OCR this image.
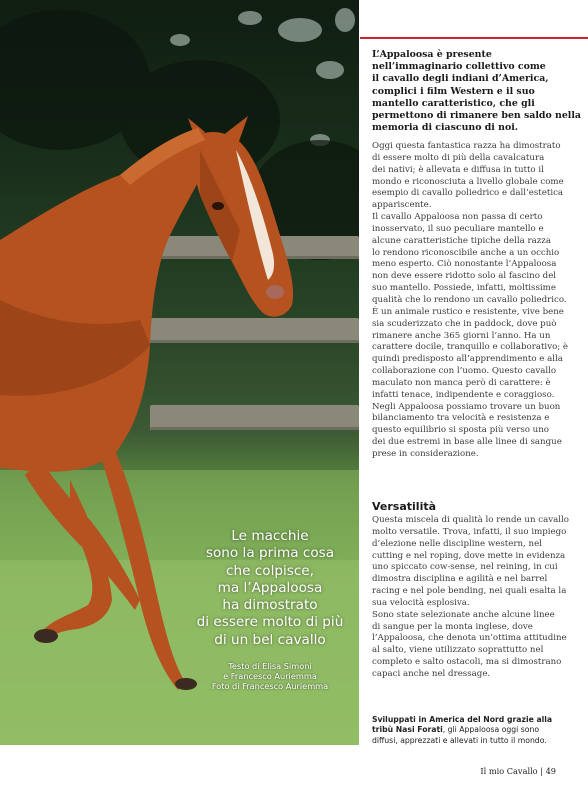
Le macchie
sono la prima cosa
che colpisce,
ma l’Appaloosa
ha dimostrato
di essere molto di più
di un bel cavallo
Testo di Elisa Simoni
e Francesco Auriemma
Foto di Francesco Auriemma
L’Appaloosa è presente
nell’immaginario collettivo come
il cavallo degli indiani d’America,
complici i film Western e il suo
mantello caratteristico, che gli
permettono di rimanere ben saldo nella
memoria di ciascuno di noi.
Oggi questa fantastica razza ha dimostrato
di essere molto di più della cavalcatura
dei nativi; è allevata e diffusa in tutto il
mondo e riconosciuta a livello globale come
esempio di cavallo poliedrico e dall’estetica
appariscente.
Il cavallo Appaloosa non passa di certo
inosservato, il suo peculiare mantello e
alcune caratteristiche tipiche della razza
lo rendono riconoscibile anche a un occhio
meno esperto. Ciò nonostante l’Appaloosa
non deve essere ridotto solo al fascino del
suo mantello. Possiede, infatti, moltissime
qualità che lo rendono un cavallo poliedrico.
È un animale rustico e resistente, vive bene
sia scuderizzato che in paddock, dove può
rimanere anche 365 giorni l’anno. Ha un
carattere docile, tranquillo e collaborativo; è
quindi predisposto all’apprendimento e alla
collaborazione con l’uomo. Questo cavallo
maculato non manca però di carattere: è
infatti tenace, indipendente e coraggioso.
Negli Appaloosa possiamo trovare un buon
bilanciamento tra velocità e resistenza e
questo equilibrio si sposta più verso uno
dei due estremi in base alle linee di sangue
prese in considerazione.
Versatilità
Questa miscela di qualità lo rende un cavallo
molto versatile. Trova, infatti, il suo impiego
d’elezione nelle discipline western, nel
cutting e nel roping, dove mette in evidenza
uno spiccato cow-sense, nel reining, in cui
dimostra disciplina e agilità e nel barrel
racing e nel pole bending, nei quali esalta la
sua velocità esplosiva.
Sono state selezionate anche alcune linee
di sangue per la monta inglese, dove
l’Appaloosa, che denota un’ottima attitudine
al salto, viene utilizzato soprattutto nel
completo e salto ostacoli, ma si dimostrano
capaci anche nel dressage.
Sviluppati in America del Nord grazie alla
tribù Nasi Forati, gli Appaloosa oggi sono
diffusi, apprezzati e allevati in tutto il mondo.
Il mio Cavallo | 49
